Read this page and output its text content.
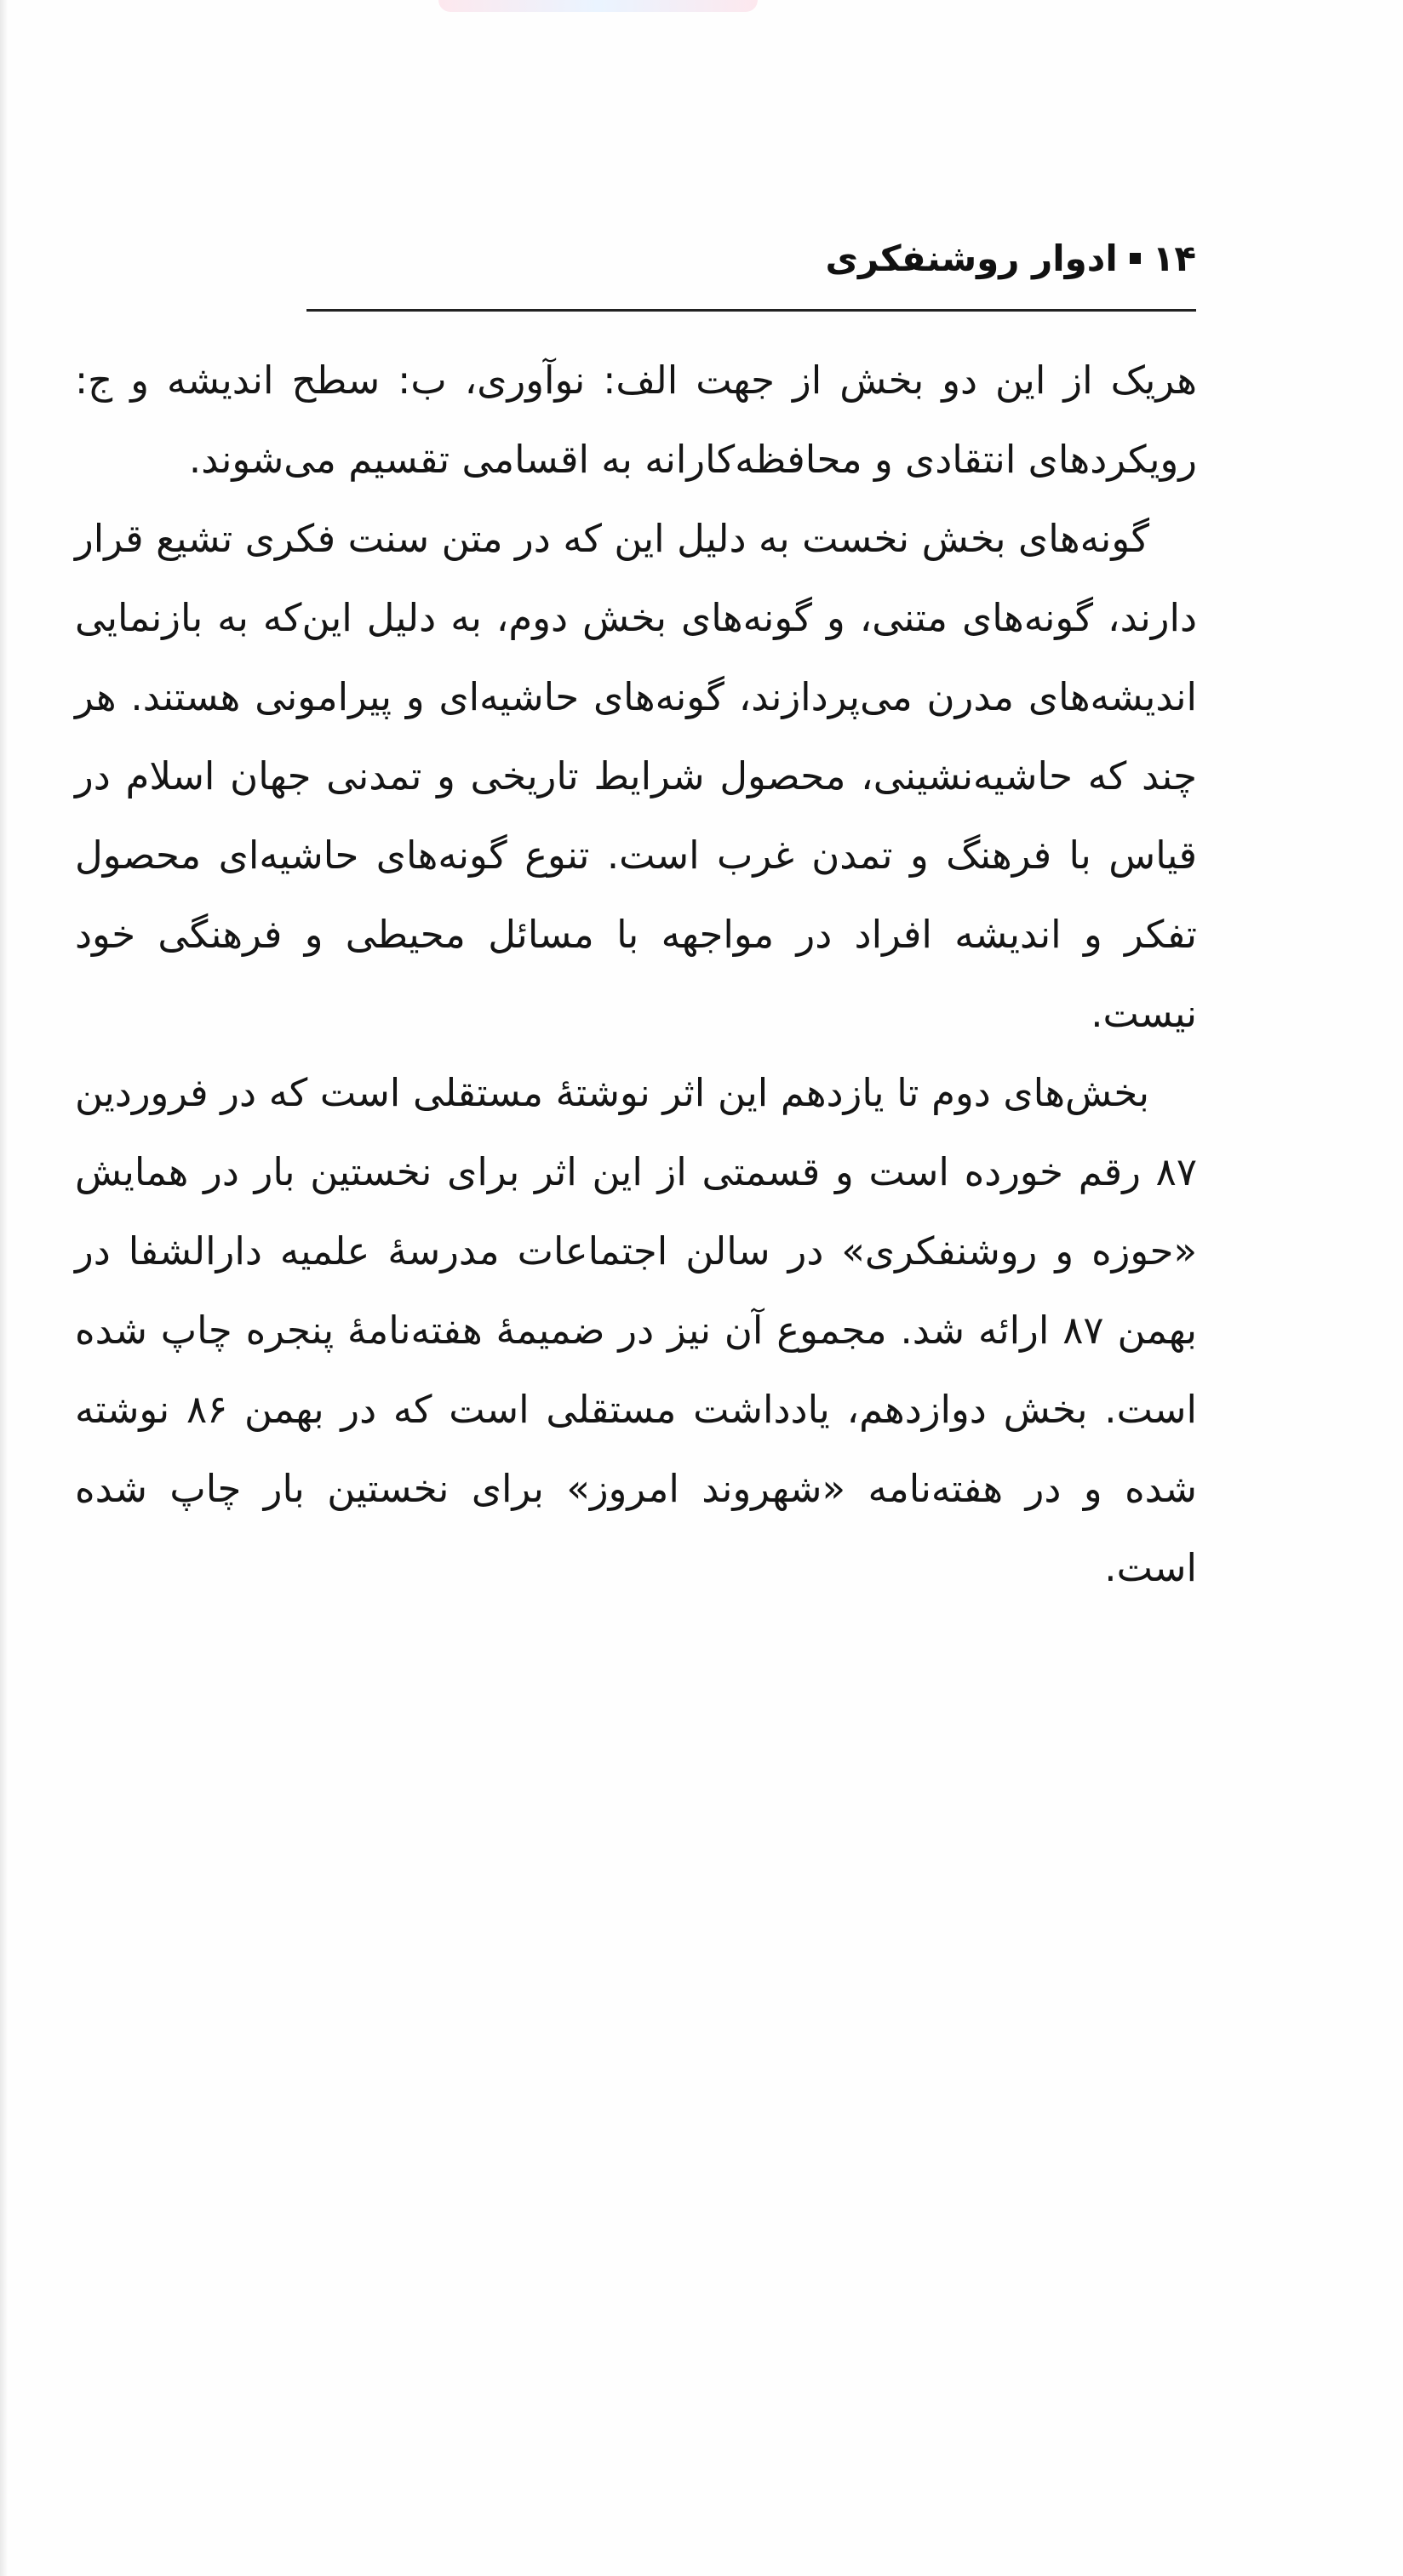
۱۴
ادوار روشنفکری

هریک از این دو بخش از جهت الف: نوآوری، ب: سطح اندیشه و ج: رویکردهای انتقادی و محافظه‌کارانه به اقسامی تقسیم می‌شوند.

گونه‌های بخش نخست به دلیل این که در متن سنت فکری تشیع قرار دارند، گونه‌های متنی، و گونه‌های بخش دوم، به دلیل این‌که به بازنمایی اندیشه‌های مدرن می‌پردازند، گونه‌های حاشیه‌ای و پیرامونی هستند. هر چند که حاشیه‌نشینی، محصول شرایط تاریخی و تمدنی جهان اسلام در قیاس با فرهنگ و تمدن غرب است. تنوع گونه‌های حاشیه‌ای محصول تفکر و اندیشه افراد در مواجهه با مسائل محیطی و فرهنگی خود نیست.

بخش‌های دوم تا یازدهم این اثر نوشتهٔ مستقلی است که در فروردین ۸۷ رقم خورده است و قسمتی از این اثر برای نخستین بار در همایش «حوزه و روشنفکری» در سالن اجتماعات مدرسهٔ علمیه دارالشفا در بهمن ۸۷ ارائه شد. مجموع آن نیز در ضمیمهٔ هفته‌نامهٔ پنجره چاپ شده است. بخش دوازدهم، یادداشت مستقلی است که در بهمن ۸۶ نوشته شده و در هفته‌نامه «شهروند امروز» برای نخستین بار چاپ شده است.
